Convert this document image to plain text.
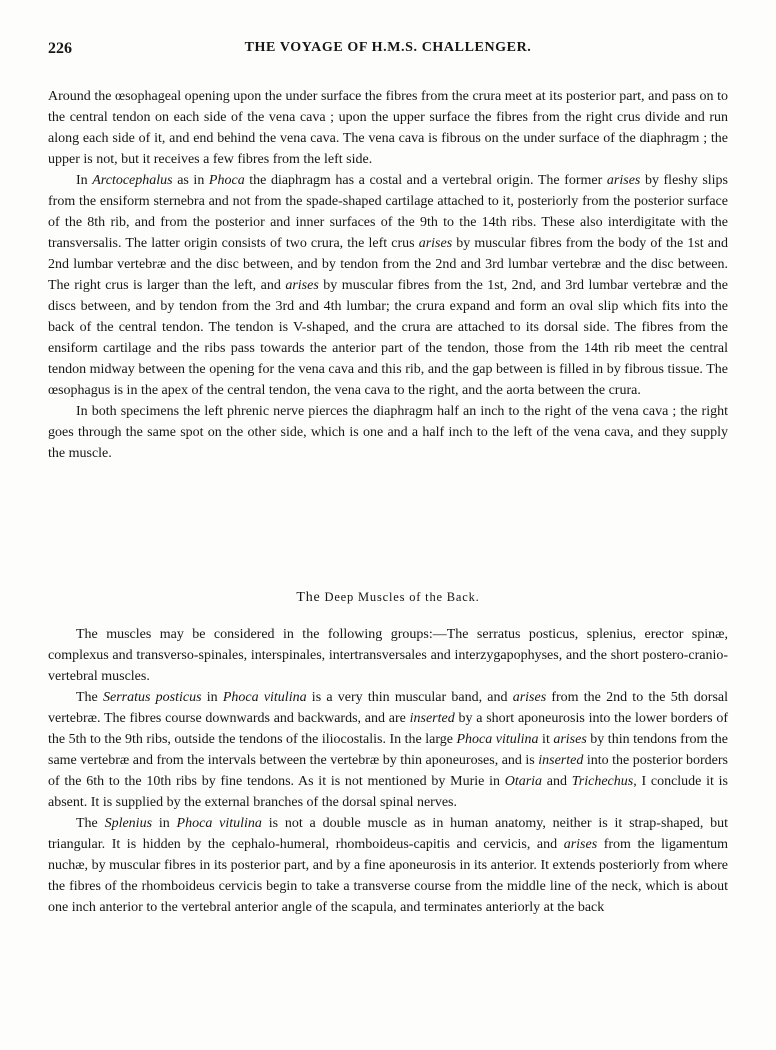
226	THE VOYAGE OF H.M.S. CHALLENGER.

Around the œsophageal opening upon the under surface the fibres from the crura meet at its posterior part, and pass on to the central tendon on each side of the vena cava ; upon the upper surface the fibres from the right crus divide and run along each side of it, and end behind the vena cava. The vena cava is fibrous on the under surface of the diaphragm ; the upper is not, but it receives a few fibres from the left side.

In Arctocephalus as in Phoca the diaphragm has a costal and a vertebral origin. The former arises by fleshy slips from the ensiform sternebra and not from the spade-shaped cartilage attached to it, posteriorly from the posterior surface of the 8th rib, and from the posterior and inner surfaces of the 9th to the 14th ribs. These also interdigitate with the transversalis. The latter origin consists of two crura, the left crus arises by muscular fibres from the body of the 1st and 2nd lumbar vertebræ and the disc between, and by tendon from the 2nd and 3rd lumbar vertebræ and the disc between. The right crus is larger than the left, and arises by muscular fibres from the 1st, 2nd, and 3rd lumbar vertebræ and the discs between, and by tendon from the 3rd and 4th lumbar; the crura expand and form an oval slip which fits into the back of the central tendon. The tendon is V-shaped, and the crura are attached to its dorsal side. The fibres from the ensiform cartilage and the ribs pass towards the anterior part of the tendon, those from the 14th rib meet the central tendon midway between the opening for the vena cava and this rib, and the gap between is filled in by fibrous tissue. The œsophagus is in the apex of the central tendon, the vena cava to the right, and the aorta between the crura.

In both specimens the left phrenic nerve pierces the diaphragm half an inch to the right of the vena cava ; the right goes through the same spot on the other side, which is one and a half inch to the left of the vena cava, and they supply the muscle.

The Deep Muscles of the Back.

The muscles may be considered in the following groups:—The serratus posticus, splenius, erector spinæ, complexus and transverso-spinales, interspinales, intertransversales and interzygapophyses, and the short postero-cranio-vertebral muscles.

The Serratus posticus in Phoca vitulina is a very thin muscular band, and arises from the 2nd to the 5th dorsal vertebræ. The fibres course downwards and backwards, and are inserted by a short aponeurosis into the lower borders of the 5th to the 9th ribs, outside the tendons of the iliocostalis. In the large Phoca vitulina it arises by thin tendons from the same vertebræ and from the intervals between the vertebræ by thin aponeuroses, and is inserted into the posterior borders of the 6th to the 10th ribs by fine tendons. As it is not mentioned by Murie in Otaria and Trichechus, I conclude it is absent. It is supplied by the external branches of the dorsal spinal nerves.

The Splenius in Phoca vitulina is not a double muscle as in human anatomy, neither is it strap-shaped, but triangular. It is hidden by the cephalo-humeral, rhomboideus-capitis and cervicis, and arises from the ligamentum nuchæ, by muscular fibres in its posterior part, and by a fine aponeurosis in its anterior. It extends posteriorly from where the fibres of the rhomboideus cervicis begin to take a transverse course from the middle line of the neck, which is about one inch anterior to the vertebral anterior angle of the scapula, and terminates anteriorly at the back
